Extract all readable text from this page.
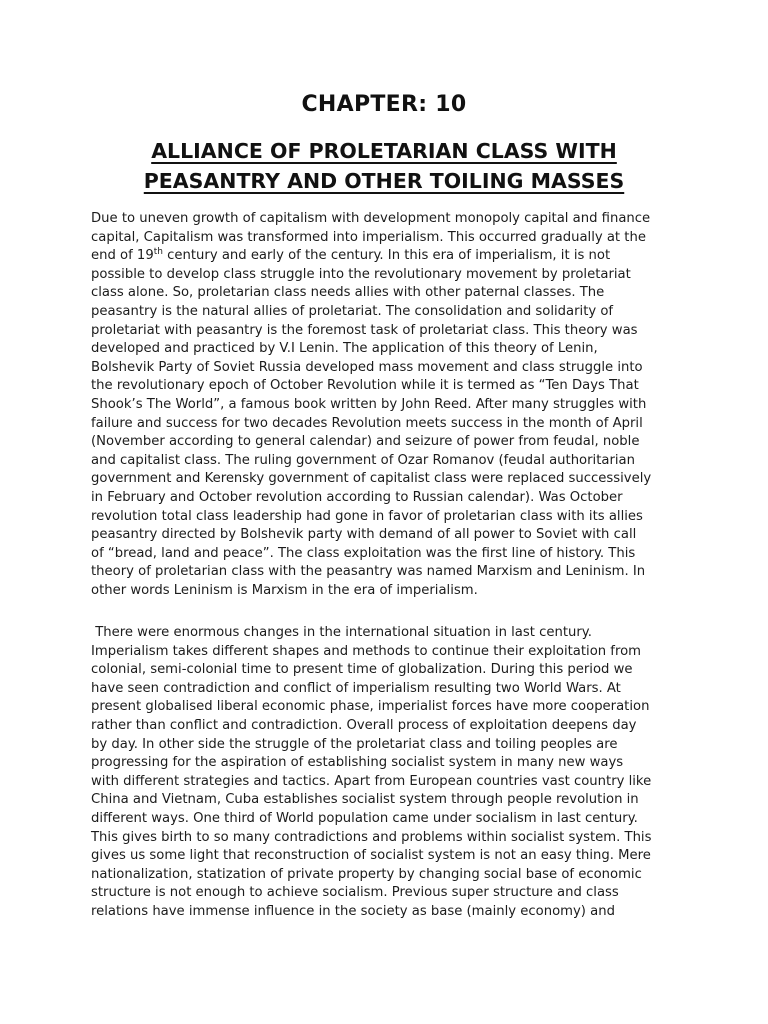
CHAPTER: 10
ALLIANCE OF PROLETARIAN CLASS WITH
PEASANTRY AND OTHER TOILING MASSES
Due to uneven growth of capitalism with development monopoly capital and finance
capital, Capitalism was transformed into imperialism. This occurred gradually at the
end of 19th century and early of the century. In this era of imperialism, it is not
possible to develop class struggle into the revolutionary movement by proletariat
class alone. So, proletarian class needs allies with other paternal classes. The
peasantry is the natural allies of proletariat. The consolidation and solidarity of
proletariat with peasantry is the foremost task of proletariat class. This theory was
developed and practiced by V.I Lenin. The application of this theory of Lenin,
Bolshevik Party of Soviet Russia developed mass movement and class struggle into
the revolutionary epoch of October Revolution while it is termed as “Ten Days That
Shook’s The World”, a famous book written by John Reed. After many struggles with
failure and success for two decades Revolution meets success in the month of April
(November according to general calendar) and seizure of power from feudal, noble
and capitalist class. The ruling government of Ozar Romanov (feudal authoritarian
government and Kerensky government of capitalist class were replaced successively
in February and October revolution according to Russian calendar). Was October
revolution total class leadership had gone in favor of proletarian class with its allies
peasantry directed by Bolshevik party with demand of all power to Soviet with call
of “bread, land and peace”. The class exploitation was the first line of history. This
theory of proletarian class with the peasantry was named Marxism and Leninism. In
other words Leninism is Marxism in the era of imperialism.
There were enormous changes in the international situation in last century.
Imperialism takes different shapes and methods to continue their exploitation from
colonial, semi-colonial time to present time of globalization. During this period we
have seen contradiction and conflict of imperialism resulting two World Wars. At
present globalised liberal economic phase, imperialist forces have more cooperation
rather than conflict and contradiction. Overall process of exploitation deepens day
by day. In other side the struggle of the proletariat class and toiling peoples are
progressing for the aspiration of establishing socialist system in many new ways
with different strategies and tactics. Apart from European countries vast country like
China and Vietnam, Cuba establishes socialist system through people revolution in
different ways. One third of World population came under socialism in last century.
This gives birth to so many contradictions and problems within socialist system. This
gives us some light that reconstruction of socialist system is not an easy thing. Mere
nationalization, statization of private property by changing social base of economic
structure is not enough to achieve socialism. Previous super structure and class
relations have immense influence in the society as base (mainly economy) and
